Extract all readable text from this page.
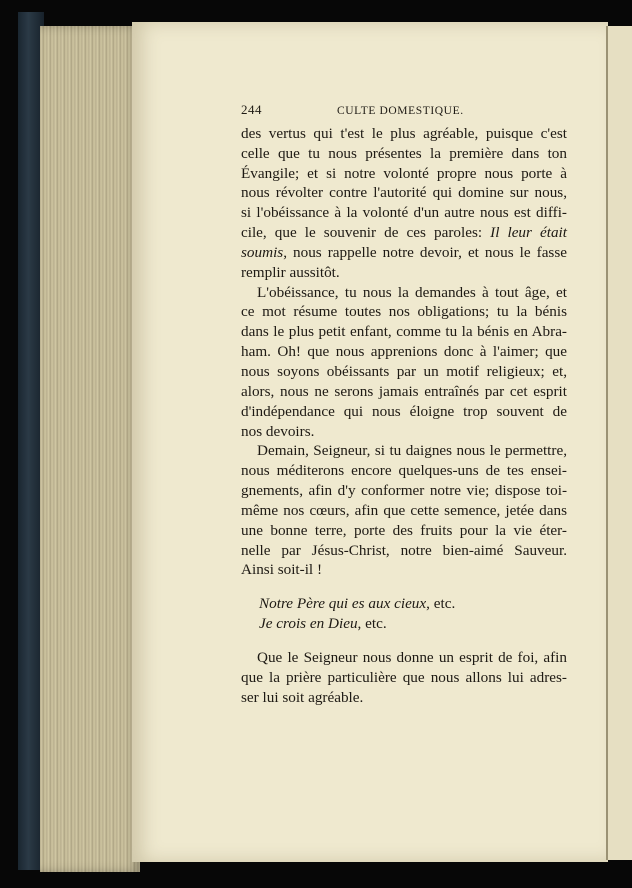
244	CULTE DOMESTIQUE.
des vertus qui t'est le plus agréable, puisque c'est
celle que tu nous présentes la première dans ton
Évangile; et si notre volonté propre nous porte à
nous révolter contre l'autorité qui domine sur nous,
si l'obéissance à la volonté d'un autre nous est diffi-
cile, que le souvenir de ces paroles: Il leur était
soumis, nous rappelle notre devoir, et nous le fasse
remplir aussitôt.
L'obéissance, tu nous la demandes à tout âge, et
ce mot résume toutes nos obligations; tu la bénis
dans le plus petit enfant, comme tu la bénis en Abra-
ham. Oh! que nous apprenions donc à l'aimer; que
nous soyons obéissants par un motif religieux; et,
alors, nous ne serons jamais entraînés par cet esprit
d'indépendance qui nous éloigne trop souvent de
nos devoirs.
Demain, Seigneur, si tu daignes nous le permettre,
nous méditerons encore quelques-uns de tes ensei-
gnements, afin d'y conformer notre vie; dispose toi-
même nos cœurs, afin que cette semence, jetée dans
une bonne terre, porte des fruits pour la vie éter-
nelle par Jésus-Christ, notre bien-aimé Sauveur.
Ainsi soit-il !
Notre Père qui es aux cieux, etc.
Je crois en Dieu, etc.
Que le Seigneur nous donne un esprit de foi, afin
que la prière particulière que nous allons lui adres-
ser lui soit agréable.
